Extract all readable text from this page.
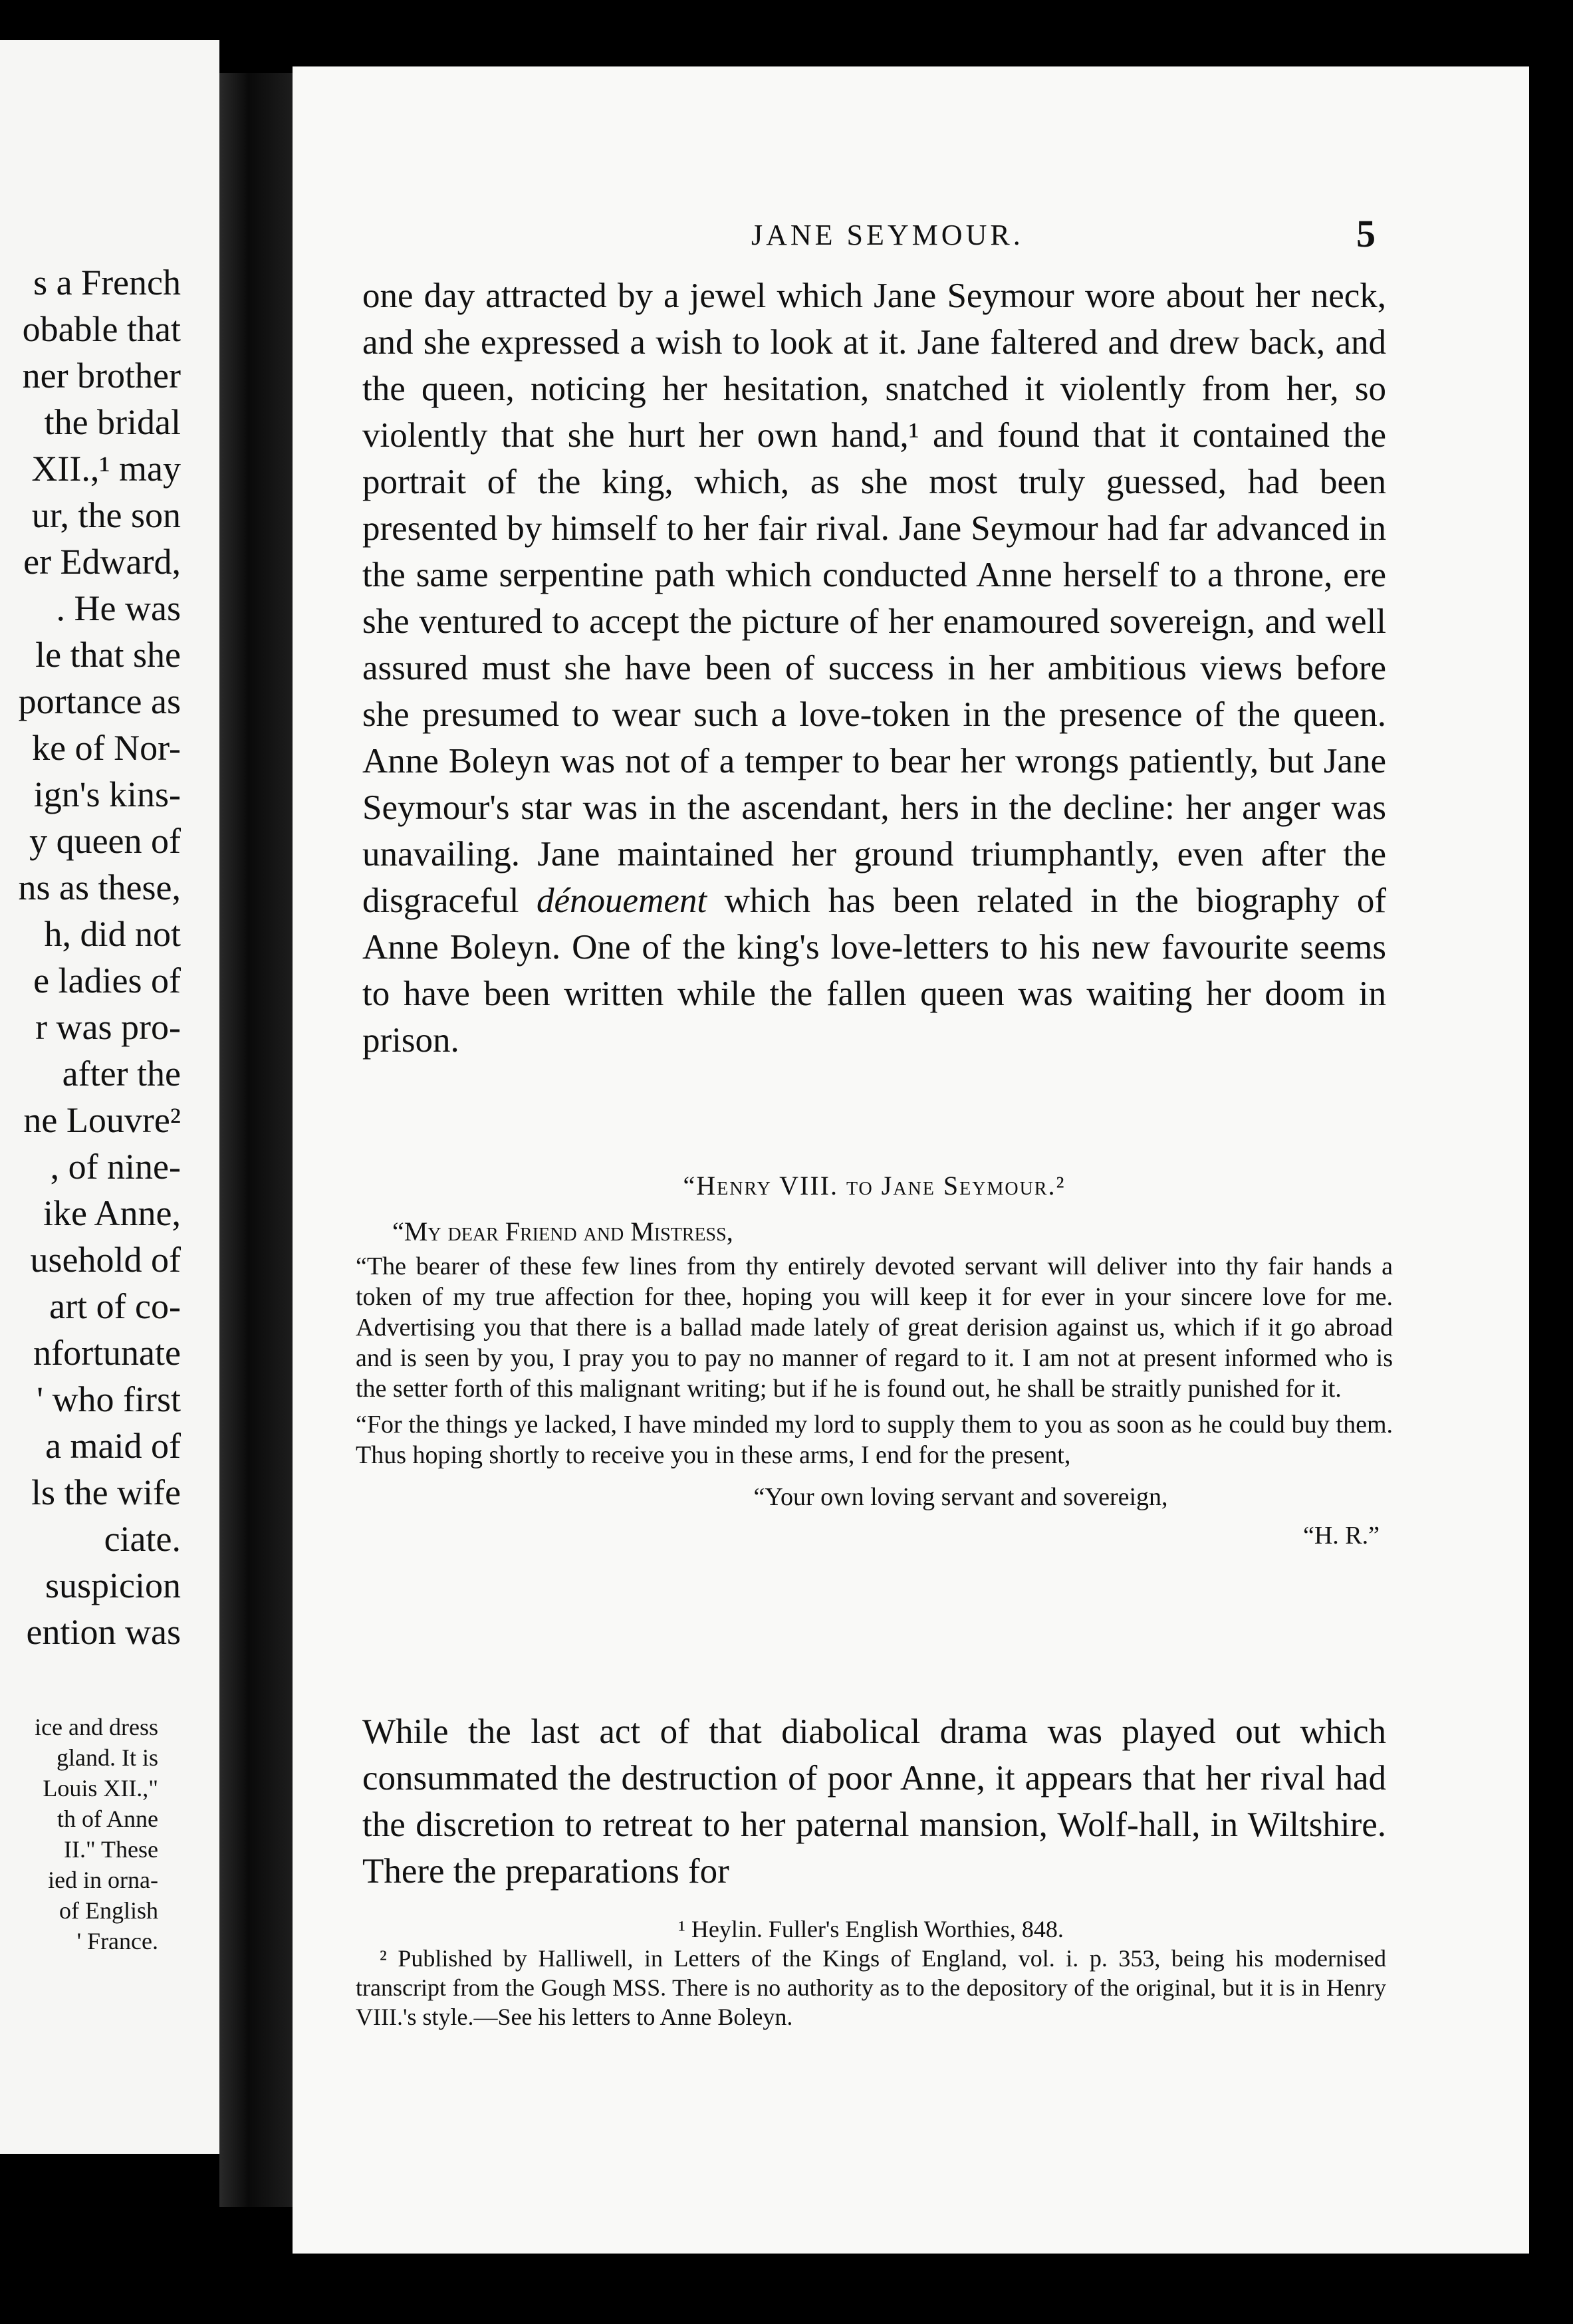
s a French
obable that
ner brother
the bridal
XII.,¹ may
ur, the son
er Edward,
. He was
le that she
portance as
ke of Nor-
ign's kins-
y queen of
ns as these,
h, did not
e ladies of
r was pro-
after the
ne Louvre²
, of nine-
ike Anne,
usehold of
art of co-
nfortunate
' who first
a maid of
ls the wife
ciate.
suspicion
ention was
ice and dress
gland. It is
Louis XII.,"
th of Anne
II." These
ied in orna-
of English
' France.
JANE SEYMOUR.	5

one day attracted by a jewel which Jane Seymour wore about her neck, and she expressed a wish to look at it. Jane faltered and drew back, and the queen, noticing her hesitation, snatched it violently from her, so violently that she hurt her own hand,¹ and found that it contained the portrait of the king, which, as she most truly guessed, had been presented by himself to her fair rival. Jane Seymour had far advanced in the same serpentine path which conducted Anne herself to a throne, ere she ventured to accept the picture of her enamoured sovereign, and well assured must she have been of success in her ambitious views before she presumed to wear such a love-token in the presence of the queen. Anne Boleyn was not of a temper to bear her wrongs patiently, but Jane Seymour's star was in the ascendant, hers in the decline: her anger was unavailing. Jane maintained her ground triumphantly, even after the disgraceful dénouement which has been related in the biography of Anne Boleyn. One of the king's love-letters to his new favourite seems to have been written while the fallen queen was waiting her doom in prison.

“Henry VIII. to Jane Seymour.²
“My dear Friend and Mistress,

“The bearer of these few lines from thy entirely devoted servant will deliver into thy fair hands a token of my true affection for thee, hoping you will keep it for ever in your sincere love for me. Advertising you that there is a ballad made lately of great derision against us, which if it go abroad and is seen by you, I pray you to pay no manner of regard to it. I am not at present informed who is the setter forth of this malignant writing; but if he is found out, he shall be straitly punished for it.

“For the things ye lacked, I have minded my lord to supply them to you as soon as he could buy them. Thus hoping shortly to receive you in these arms, I end for the present,

“Your own loving servant and sovereign,
“H. R.”

While the last act of that diabolical drama was played out which consummated the destruction of poor Anne, it appears that her rival had the discretion to retreat to her paternal mansion, Wolf-hall, in Wiltshire. There the preparations for

¹ Heylin. Fuller's English Worthies, 848.

² Published by Halliwell, in Letters of the Kings of England, vol. i. p. 353, being his modernised transcript from the Gough MSS. There is no authority as to the depository of the original, but it is in Henry VIII.'s style.—See his letters to Anne Boleyn.
